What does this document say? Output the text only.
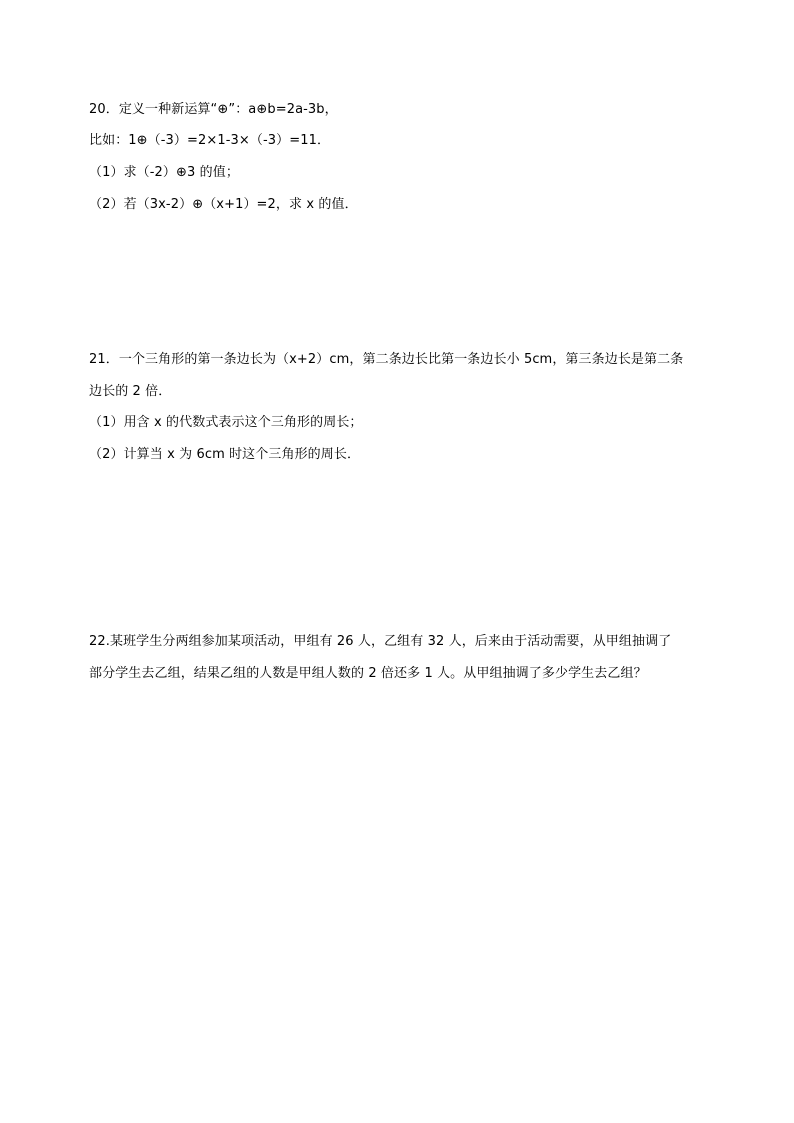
20．定义一种新运算“⊕”：a⊕b=2a-3b，
比如：1⊕（-3）=2×1-3×（-3）=11．
（1）求（-2）⊕3 的值；
（2）若（3x-2）⊕（x+1）=2，求 x 的值．
21．一个三角形的第一条边长为（x+2）cm，第二条边长比第一条边长小 5cm，第三条边长是第二条
边长的 2 倍．
（1）用含 x 的代数式表示这个三角形的周长；
（2）计算当 x 为 6cm 时这个三角形的周长．
22.某班学生分两组参加某项活动，甲组有 26 人，乙组有 32 人，后来由于活动需要，从甲组抽调了
部分学生去乙组，结果乙组的人数是甲组人数的 2 倍还多 1 人。从甲组抽调了多少学生去乙组？
